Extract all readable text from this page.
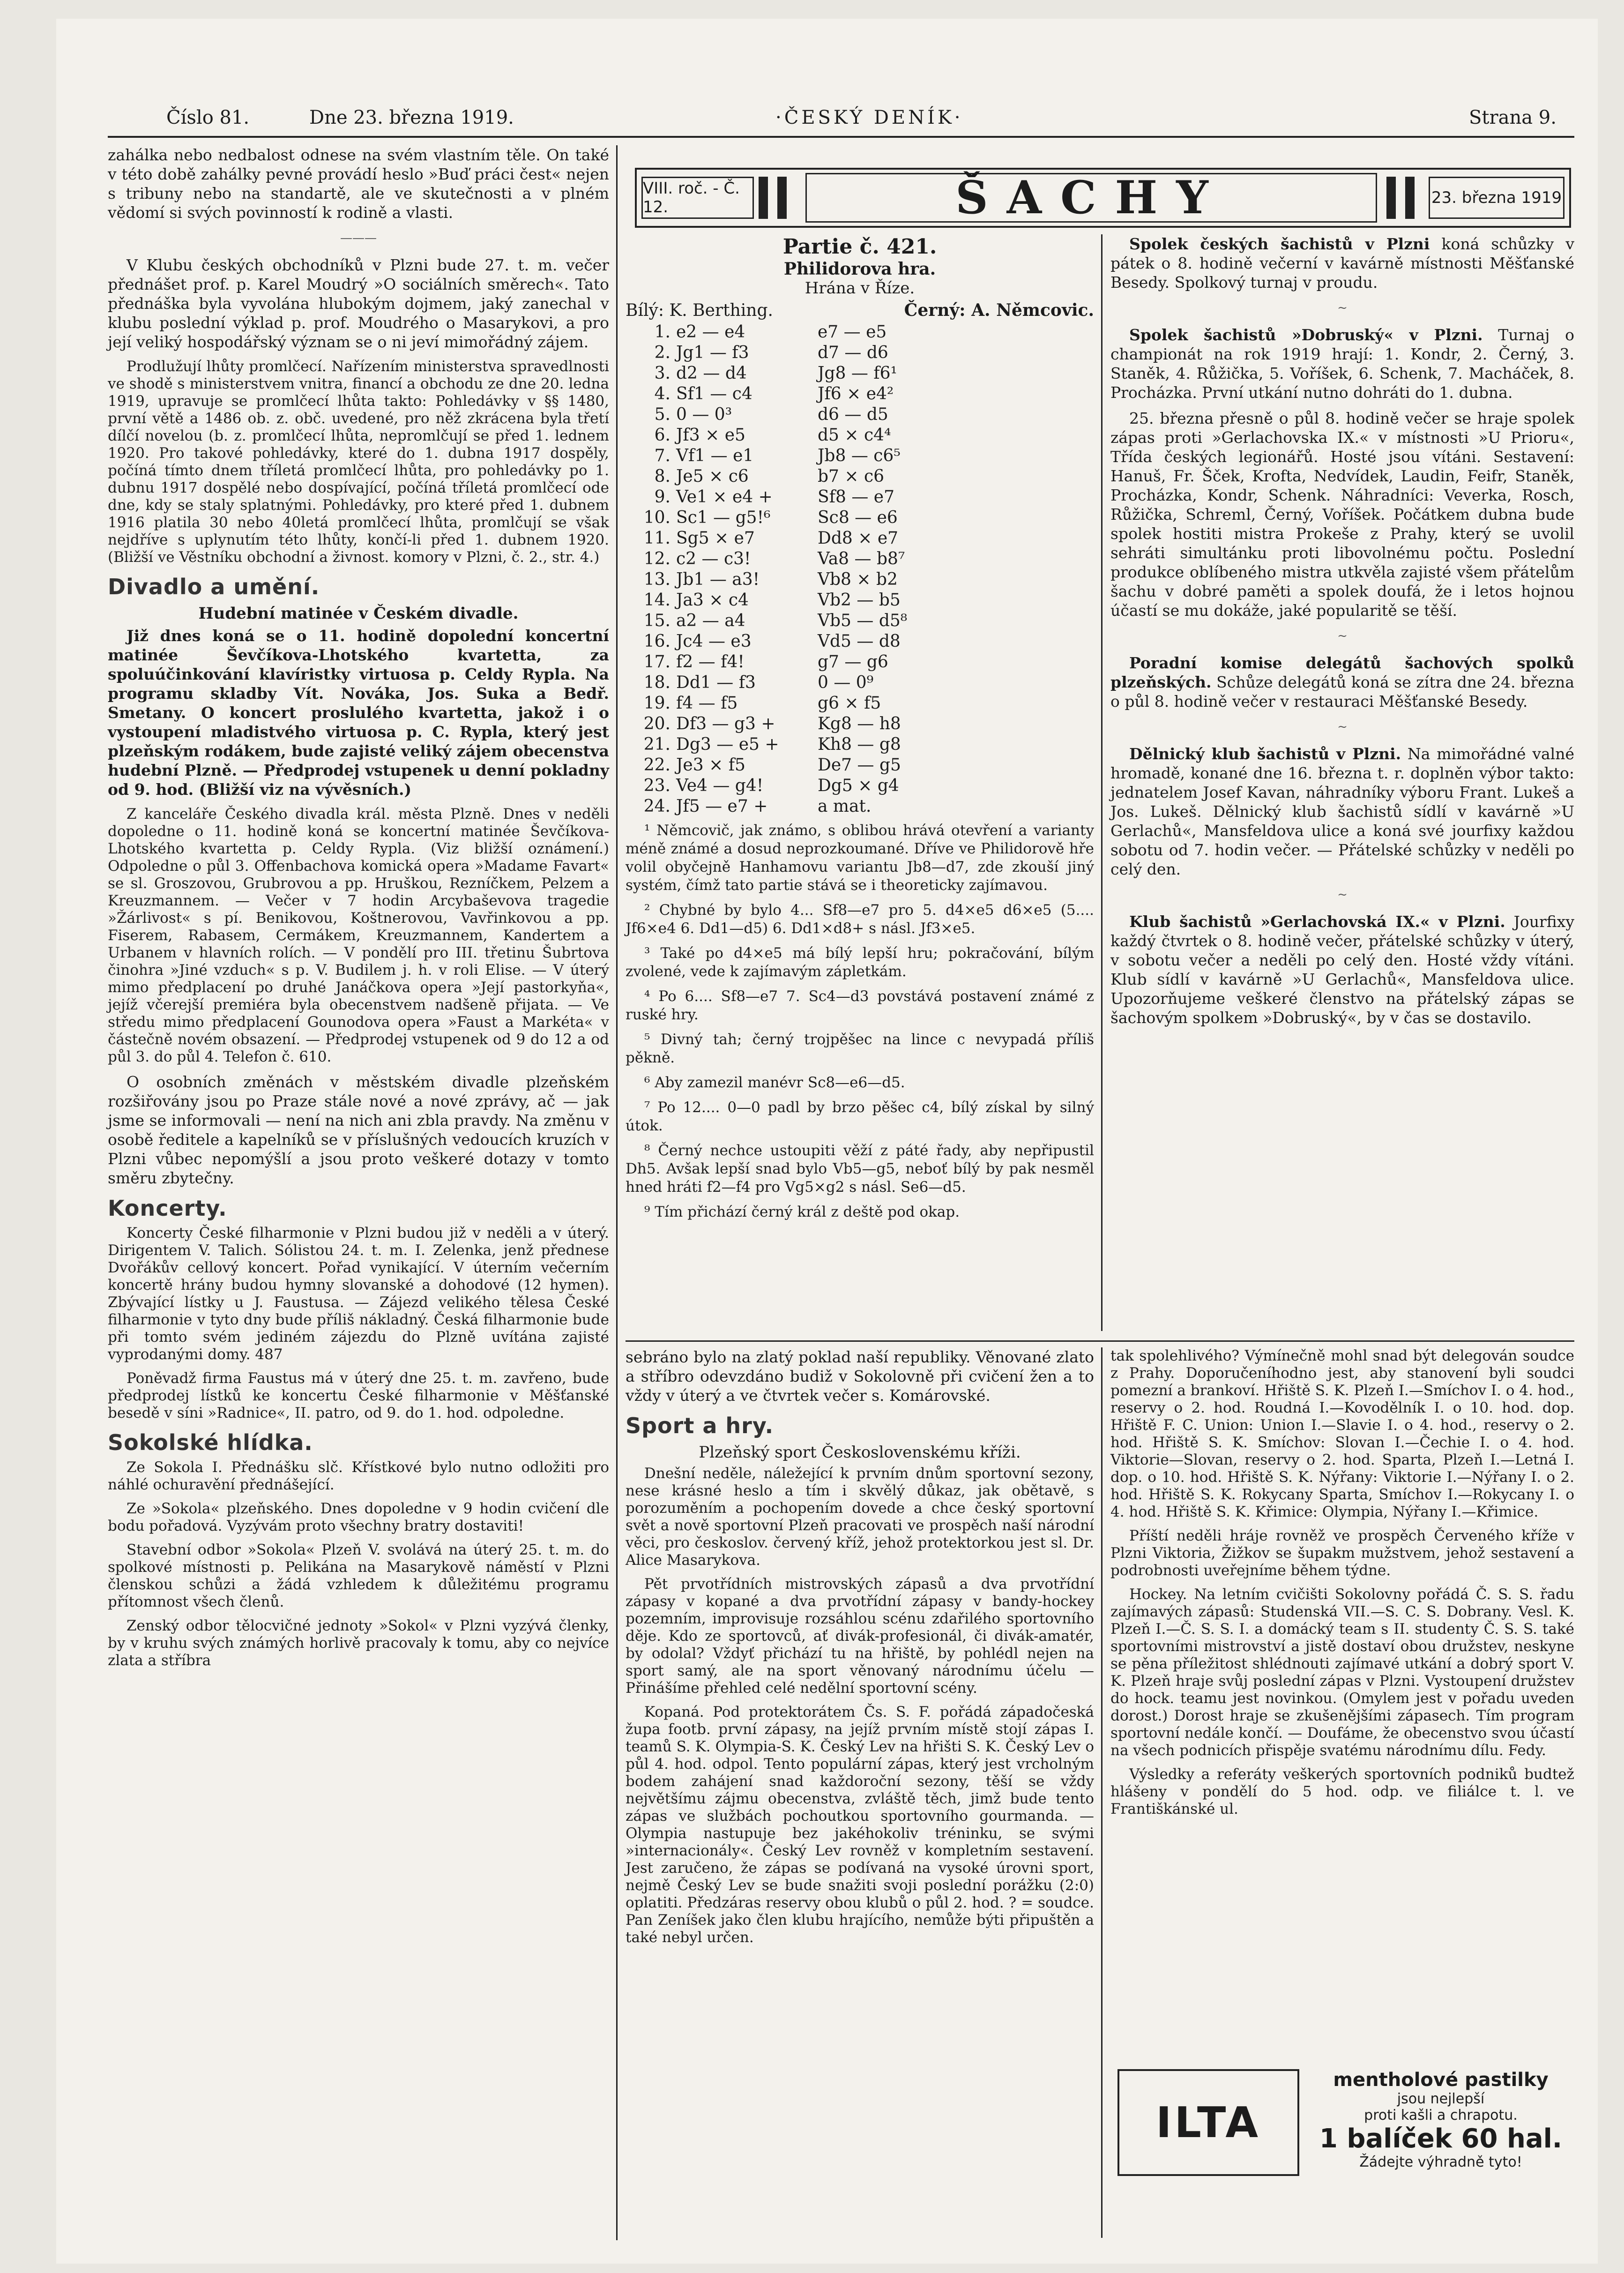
Číslo 81.	Dne 23. března 1919.	·ČESKÝ DENÍK·	Strana 9.

zahálka nebo nedbalost odnese na svém vlastním těle. On také v této době zahálky pevné provádí heslo »Buď práci čest« nejen s tribuny nebo na standartě, ale ve skutečnosti a v plném vědomí si svých povinností k rodině a vlasti.

———

V Klubu českých obchodníků v Plzni bude 27. t. m. večer přednášet prof. p. Karel Moudrý »O sociálních směrech«. Tato přednáška byla vyvolána hlubokým dojmem, jaký zanechal v klubu poslední výklad p. prof. Moudrého o Masarykovi, a pro její veliký hospodářský význam se o ni jeví mimořádný zájem.

Prodlužují lhůty promlčecí. Nařízením ministerstva spravedlnosti ve shodě s ministerstvem vnitra, financí a obchodu ze dne 20. ledna 1919, upravuje se promlčecí lhůta takto: Pohledávky v §§ 1480, první větě a 1486 ob. z. obč. uvedené, pro něž zkrácena byla třetí dílčí novelou (b. z. promlčecí lhůta, nepromlčují se před 1. lednem 1920. Pro takové pohledávky, které do 1. dubna 1917 dospěly, počíná tímto dnem tříletá promlčecí lhůta, pro pohledávky po 1. dubnu 1917 dospělé nebo dospívající, počíná tříletá promlčecí ode dne, kdy se staly splatnými. Pohledávky, pro které před 1. dubnem 1916 platila 30 nebo 40letá promlčecí lhůta, promlčují se však nejdříve s uplynutím této lhůty, končí-li před 1. dubnem 1920. (Bližší ve Věstníku obchodní a živnost. komory v Plzni, č. 2., str. 4.)

Divadlo a umění.
Hudební matinée v Českém divadle.

Již dnes koná se o 11. hodině dopolední koncertní matinée Ševčíkova-Lhotského kvartetta, za spoluúčinkování klavíristky virtuosa p. Celdy Rypla. Na programu skladby Vít. Nováka, Jos. Suka a Bedř. Smetany. O koncert proslulého kvartetta, jakož i o vystoupení mladistvého virtuosa p. C. Rypla, který jest plzeňským rodákem, bude zajisté veliký zájem obecenstva hudební Plzně. — Předprodej vstupenek u denní pokladny od 9. hod. (Bližší viz na vývěsních.)

Z kanceláře Českého divadla král. města Plzně. Dnes v neděli dopoledne o 11. hodině koná se koncertní matinée Ševčíkova-Lhotského kvartetta p. Celdy Rypla. (Viz bližší oznámení.) Odpoledne o půl 3. Offenbachova komická opera »Madame Favart« se sl. Groszovou, Grubrovou a pp. Hruškou, Rezníčkem, Pelzem a Kreuzmannem. — Večer v 7 hodin Arcybaševova tragedie »Žárlivost« s pí. Benikovou, Koštnerovou, Vavřinkovou a pp. Fiserem, Rabasem, Cermákem, Kreuzmannem, Kandertem a Urbanem v hlavních rolích. — V pondělí pro III. třetinu Šubrtova činohra »Jiné vzduch« s p. V. Budilem j. h. v roli Elise. — V úterý mimo předplacení po druhé Janáčkova opera »Její pastorkyňa«, jejíž včerejší premiéra byla obecenstvem nadšeně přijata. — Ve středu mimo předplacení Gounodova opera »Faust a Markéta« v částečně novém obsazení. — Předprodej vstupenek od 9 do 12 a od půl 3. do půl 4. Telefon č. 610.

O osobních změnách v městském divadle plzeňském rozšiřovány jsou po Praze stále nové a nové zprávy, ač — jak jsme se informovali — není na nich ani zbla pravdy. Na změnu v osobě ředitele a kapelníků se v příslušných vedoucích kruzích v Plzni vůbec nepomýšlí a jsou proto veškeré dotazy v tomto směru zbytečny.

Koncerty.

Koncerty České filharmonie v Plzni budou již v neděli a v úterý. Dirigentem V. Talich. Sólistou 24. t. m. I. Zelenka, jenž přednese Dvořákův cellový koncert. Pořad vynikající. V úterním večerním koncertě hrány budou hymny slovanské a dohodové (12 hymen). Zbývající lístky u J. Faustusa. — Zájezd velikého tělesa České filharmonie v tyto dny bude příliš nákladný. Česká filharmonie bude při tomto svém jediném zájezdu do Plzně uvítána zajisté vyprodanými domy. 487

Poněvadž firma Faustus má v úterý dne 25. t. m. zavřeno, bude předprodej lístků ke koncertu České filharmonie v Měšťanské besedě v síni »Radnice«, II. patro, od 9. do 1. hod. odpoledne.

Sokolské hlídka.

Ze Sokola I. Přednášku slč. Křístkové bylo nutno odložiti pro náhlé ochuravění přednášející.

Ze »Sokola« plzeňského. Dnes dopoledne v 9 hodin cvičení dle bodu pořadová. Vyzývám proto všechny bratry dostaviti!

Stavební odbor »Sokola« Plzeň V. svolává na úterý 25. t. m. do spolkové místnosti p. Pelikána na Masarykově náměstí v Plzni členskou schůzi a žádá vzhledem k důležitému programu přítomnost všech členů.

Zenský odbor tělocvičné jednoty »Sokol« v Plzni vyzývá členky, by v kruhu svých známých horlivě pracovaly k tomu, aby co nejvíce zlata a stříbra

VIII. roč. - Č. 12.	ŠACHY	23. března 1919
Partie č. 421.
Philidorova hra.
Hrána v Říze.
Bílý: K. Berthing.	Černý: A. Němcovic.
1.	e2 — e4	e7 — e5
2.	Jg1 — f3	d7 — d6
3.	d2 — d4	Jg8 — f6¹
4.	Sf1 — c4	Jf6 × e4²
5.	0 — 0³	d6 — d5
6.	Jf3 × e5	d5 × c4⁴
7.	Vf1 — e1	Jb8 — c6⁵
8.	Je5 × c6	b7 × c6
9.	Ve1 × e4 +	Sf8 — e7
10.	Sc1 — g5!⁶	Sc8 — e6
11.	Sg5 × e7	Dd8 × e7
12.	c2 — c3!	Va8 — b8⁷
13.	Jb1 — a3!	Vb8 × b2
14.	Ja3 × c4	Vb2 — b5
15.	a2 — a4	Vb5 — d5⁸
16.	Jc4 — e3	Vd5 — d8
17.	f2 — f4!	g7 — g6
18.	Dd1 — f3	0 — 0⁹
19.	f4 — f5	g6 × f5
20.	Df3 — g3 +	Kg8 — h8
21.	Dg3 — e5 +	Kh8 — g8
22.	Je3 × f5	De7 — g5
23.	Ve4 — g4!	Dg5 × g4
24.	Jf5 — e7 +	a mat.

¹ Němcovič, jak známo, s oblibou hrává otevření a varianty méně známé a dosud neprozkoumané. Dříve ve Philidorově hře volil obyčejně Hanhamovu variantu Jb8—d7, zde zkouší jiný systém, čímž tato partie stává se i theoreticky zajímavou.

² Chybné by bylo 4... Sf8—e7 pro 5. d4×e5 d6×e5 (5.... Jf6×e4 6. Dd1—d5) 6. Dd1×d8+ s násl. Jf3×e5.

³ Také po d4×e5 má bílý lepší hru; pokračování, bílým zvolené, vede k zajímavým zápletkám.

⁴ Po 6.... Sf8—e7 7. Sc4—d3 povstává postavení známé z ruské hry.

⁵ Divný tah; černý trojpěšec na lince c nevypadá příliš pěkně.

⁶ Aby zamezil manévr Sc8—e6—d5.

⁷ Po 12.... 0—0 padl by brzo pěšec c4, bílý získal by silný útok.

⁸ Černý nechce ustoupiti věží z páté řady, aby nepřipustil Dh5. Avšak lepší snad bylo Vb5—g5, neboť bílý by pak nesměl hned hráti f2—f4 pro Vg5×g2 s násl. Se6—d5.

⁹ Tím přichází černý král z deště pod okap.

Spolek českých šachistů v Plzni koná schůzky v pátek o 8. hodině večerní v kavárně místnosti Měšťanské Besedy. Spolkový turnaj v proudu.

~

Spolek šachistů »Dobruský« v Plzni. Turnaj o championát na rok 1919 hrají: 1. Kondr, 2. Černý, 3. Staněk, 4. Růžička, 5. Voříšek, 6. Schenk, 7. Macháček, 8. Procházka. První utkání nutno dohráti do 1. dubna.

25. března přesně o půl 8. hodině večer se hraje spolek zápas proti »Gerlachovska IX.« v místnosti »U Prioru«, Třída českých legionářů. Hosté jsou vítáni. Sestavení: Hanuš, Fr. Šček, Krofta, Nedvídek, Laudin, Feifr, Staněk, Procházka, Kondr, Schenk. Náhradníci: Veverka, Rosch, Růžička, Schreml, Černý, Voříšek. Počátkem dubna bude spolek hostiti mistra Prokeše z Prahy, který se uvolil sehráti simultánku proti libovolnému počtu. Poslední produkce oblíbeného mistra utkvěla zajisté všem přátelům šachu v dobré paměti a spolek doufá, že i letos hojnou účastí se mu dokáže, jaké popularitě se těší.

~

Poradní komise delegátů šachových spolků plzeňských. Schůze delegátů koná se zítra dne 24. března o půl 8. hodině večer v restauraci Měšťanské Besedy.

~

Dělnický klub šachistů v Plzni. Na mimořádné valné hromadě, konané dne 16. března t. r. doplněn výbor takto: jednatelem Josef Kavan, náhradníky výboru Frant. Lukeš a Jos. Lukeš. Dělnický klub šachistů sídlí v kavárně »U Gerlachů«, Mansfeldova ulice a koná své jourfixy každou sobotu od 7. hodin večer. — Přátelské schůzky v neděli po celý den.

~

Klub šachistů »Gerlachovská IX.« v Plzni. Jourfixy každý čtvrtek o 8. hodině večer, přátelské schůzky v úterý, v sobotu večer a neděli po celý den. Hosté vždy vítáni. Klub sídlí v kavárně »U Gerlachů«, Mansfeldova ulice. Upozorňujeme veškeré členstvo na přátelský zápas se šachovým spolkem »Dobruský«, by v čas se dostavilo.

sebráno bylo na zlatý poklad naší republiky. Věnované zlato a stříbro odevzdáno budiž v Sokolovně při cvičení žen a to vždy v úterý a ve čtvrtek večer s. Komárovské.

Sport a hry.
Plzeňský sport Československému kříži.

Dnešní neděle, náležející k prvním dnům sportovní sezony, nese krásné heslo a tím i skvělý důkaz, jak obětavě, s porozuměním a pochopením dovede a chce český sportovní svět a nově sportovní Plzeň pracovati ve prospěch naší národní věci, pro českoslov. červený kříž, jehož protektorkou jest sl. Dr. Alice Masarykova.

Pět prvotřídních mistrovských zápasů a dva prvotřídní zápasy v kopané a dva prvotřídní zápasy v bandy-hockey pozemním, improvisuje rozsáhlou scénu zdařilého sportovního děje. Kdo ze sportovců, ať divák-profesionál, či divák-amatér, by odolal? Vždyť přichází tu na hřiště, by pohlédl nejen na sport samý, ale na sport věnovaný národnímu účelu — Přinášíme přehled celé nedělní sportovní scény.

Kopaná. Pod protektorátem Čs. S. F. pořádá západočeská župa footb. první zápasy, na jejíž prvním místě stojí zápas I. teamů S. K. Olympia-S. K. Český Lev na hřišti S. K. Český Lev o půl 4. hod. odpol. Tento populární zápas, který jest vrcholným bodem zahájení snad každoroční sezony, těší se vždy největšímu zájmu obecenstva, zvláště těch, jimž bude tento zápas ve službách pochoutkou sportovního gourmanda. — Olympia nastupuje bez jakéhokoliv tréninku, se svými »internacionály«. Český Lev rovněž v kompletním sestavení. Jest zaručeno, že zápas se podívaná na vysoké úrovni sport, nejmě Český Lev se bude snažiti svoji poslední porážku (2:0) oplatiti. Předzáras reservy obou klubů o půl 2. hod. ? = soudce. Pan Zeníšek jako člen klubu hrajícího, nemůže býti připuštěn a také nebyl určen.

tak spolehlivého? Výmínečně mohl snad být delegován soudce z Prahy. Doporučeníhodno jest, aby stanovení byli soudci pomezní a brankoví. Hřiště S. K. Plzeň I.—Smíchov I. o 4. hod., reservy o 2. hod. Roudná I.—Kovodělník I. o 10. hod. dop. Hřiště F. C. Union: Union I.—Slavie I. o 4. hod., reservy o 2. hod. Hřiště S. K. Smíchov: Slovan I.—Čechie I. o 4. hod. Viktorie—Slovan, reservy o 2. hod. Sparta, Plzeň I.—Letná I. dop. o 10. hod. Hřiště S. K. Nýřany: Viktorie I.—Nýřany I. o 2. hod. Hřiště S. K. Rokycany Sparta, Smíchov I.—Rokycany I. o 4. hod. Hřiště S. K. Křimice: Olympia, Nýřany I.—Křimice.

Příští neděli hráje rovněž ve prospěch Červeného kříže v Plzni Viktoria, Žižkov se šupakm mužstvem, jehož sestavení a podrobnosti uveřejníme během týdne.

Hockey. Na letním cvičišti Sokolovny pořádá Č. S. S. řadu zajímavých zápasů: Studenská VII.—S. C. S. Dobrany. Vesl. K. Plzeň I.—Č. S. S. I. a domácký team s II. studenty Č. S. S. také sportovními mistrovství a jistě dostaví obou družstev, neskyne se pěna příležitost shlédnouti zajímavé utkání a dobrý sport V. K. Plzeň hraje svůj poslední zápas v Plzni. Vystoupení družstev do hock. teamu jest novinkou. (Omylem jest v pořadu uveden dorost.) Dorost hraje se zkušenějšími zápasech. Tím program sportovní nedále končí. — Doufáme, že obecenstvo svou účastí na všech podnicích přispěje svatému národnímu dílu. Fedy.

Výsledky a referáty veškerých sportovních podniků budtež hlášeny v pondělí do 5 hod. odp. ve filiálce t. l. ve Františkánské ul.

ILTA
mentholové pastilky
jsou nejlepší
proti kašli a chrapotu.
1 balíček 60 hal.
Žádejte výhradně tyto!
